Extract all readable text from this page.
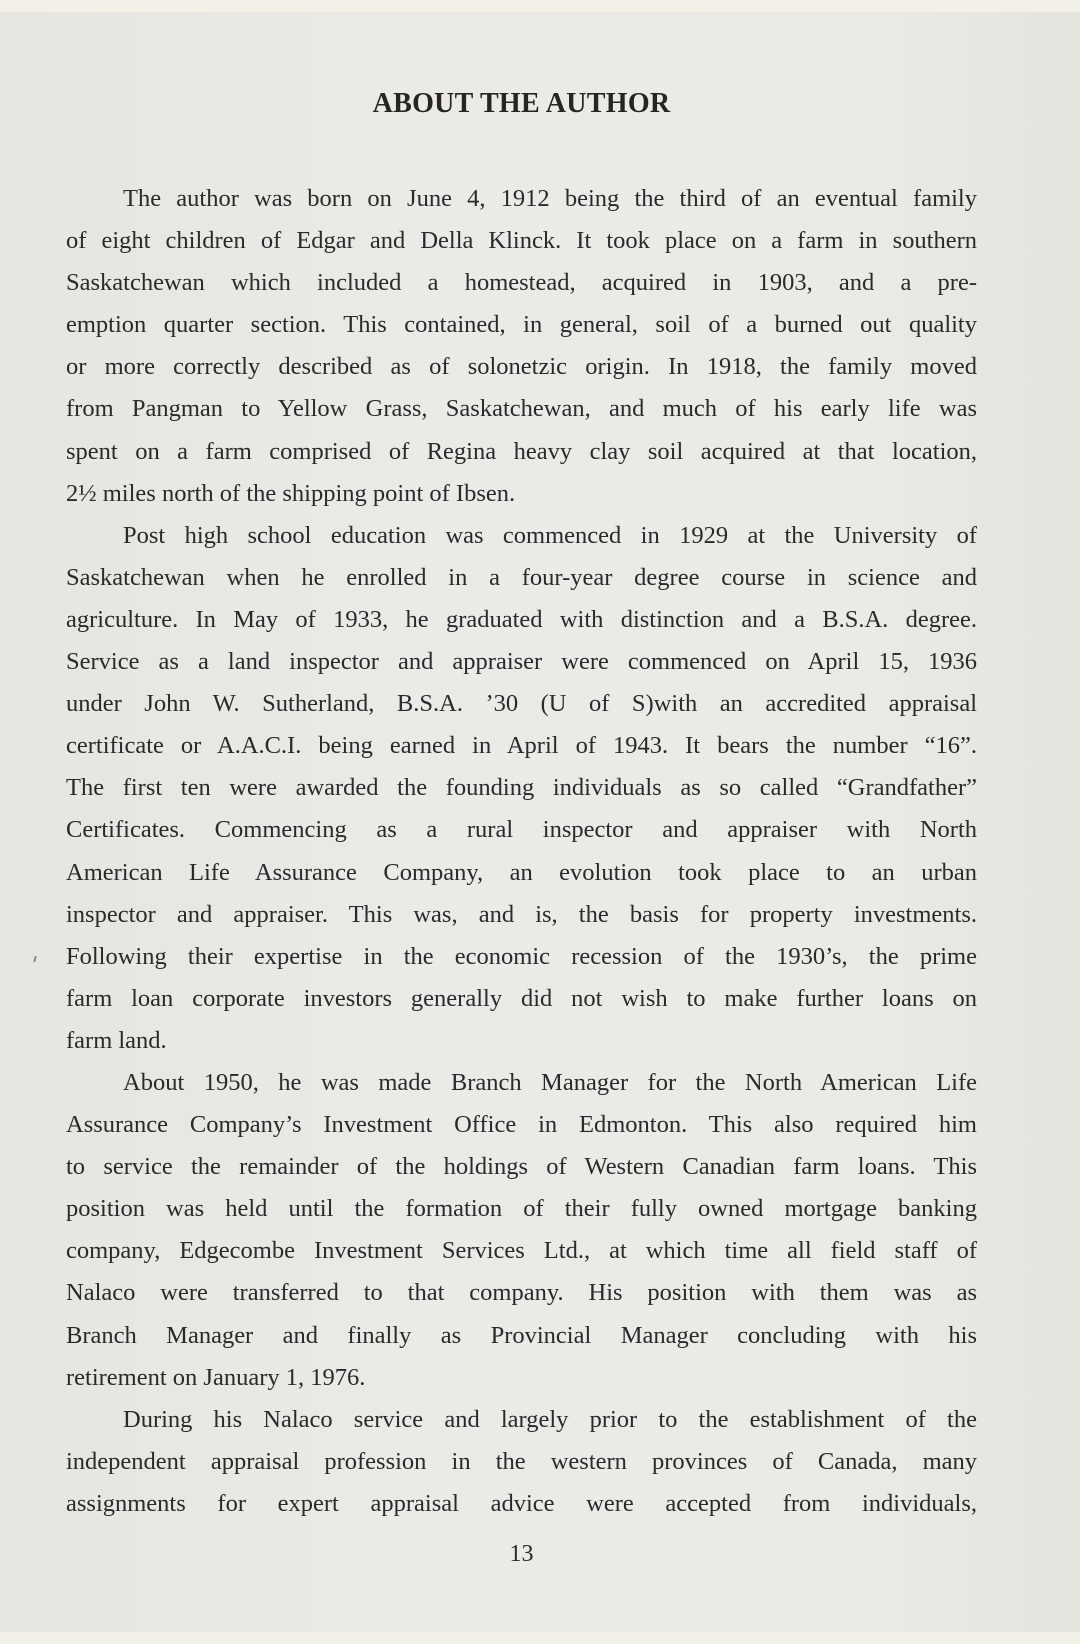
ABOUT THE AUTHOR
The author was born on June 4, 1912 being the third of an eventual family
of eight children of Edgar and Della Klinck. It took place on a farm in southern
Saskatchewan which included a homestead, acquired in 1903, and a pre-
emption quarter section. This contained, in general, soil of a burned out quality
or more correctly described as of solonetzic origin. In 1918, the family moved
from Pangman to Yellow Grass, Saskatchewan, and much of his early life was
spent on a farm comprised of Regina heavy clay soil acquired at that location,
2½ miles north of the shipping point of Ibsen.
Post high school education was commenced in 1929 at the University of
Saskatchewan when he enrolled in a four-year degree course in science and
agriculture. In May of 1933, he graduated with distinction and a B.S.A. degree.
Service as a land inspector and appraiser were commenced on April 15, 1936
under John W. Sutherland, B.S.A. ’30 (U of S)with an accredited appraisal
certificate or A.A.C.I. being earned in April of 1943. It bears the number “16”.
The first ten were awarded the founding individuals as so called “Grandfather”
Certificates. Commencing as a rural inspector and appraiser with North
American Life Assurance Company, an evolution took place to an urban
inspector and appraiser. This was, and is, the basis for property investments.
Following their expertise in the economic recession of the 1930’s, the prime
farm loan corporate investors generally did not wish to make further loans on
farm land.
About 1950, he was made Branch Manager for the North American Life
Assurance Company’s Investment Office in Edmonton. This also required him
to service the remainder of the holdings of Western Canadian farm loans. This
position was held until the formation of their fully owned mortgage banking
company, Edgecombe Investment Services Ltd., at which time all field staff of
Nalaco were transferred to that company. His position with them was as
Branch Manager and finally as Provincial Manager concluding with his
retirement on January 1, 1976.
During his Nalaco service and largely prior to the establishment of the
independent appraisal profession in the western provinces of Canada, many
assignments for expert appraisal advice were accepted from individuals,
13
